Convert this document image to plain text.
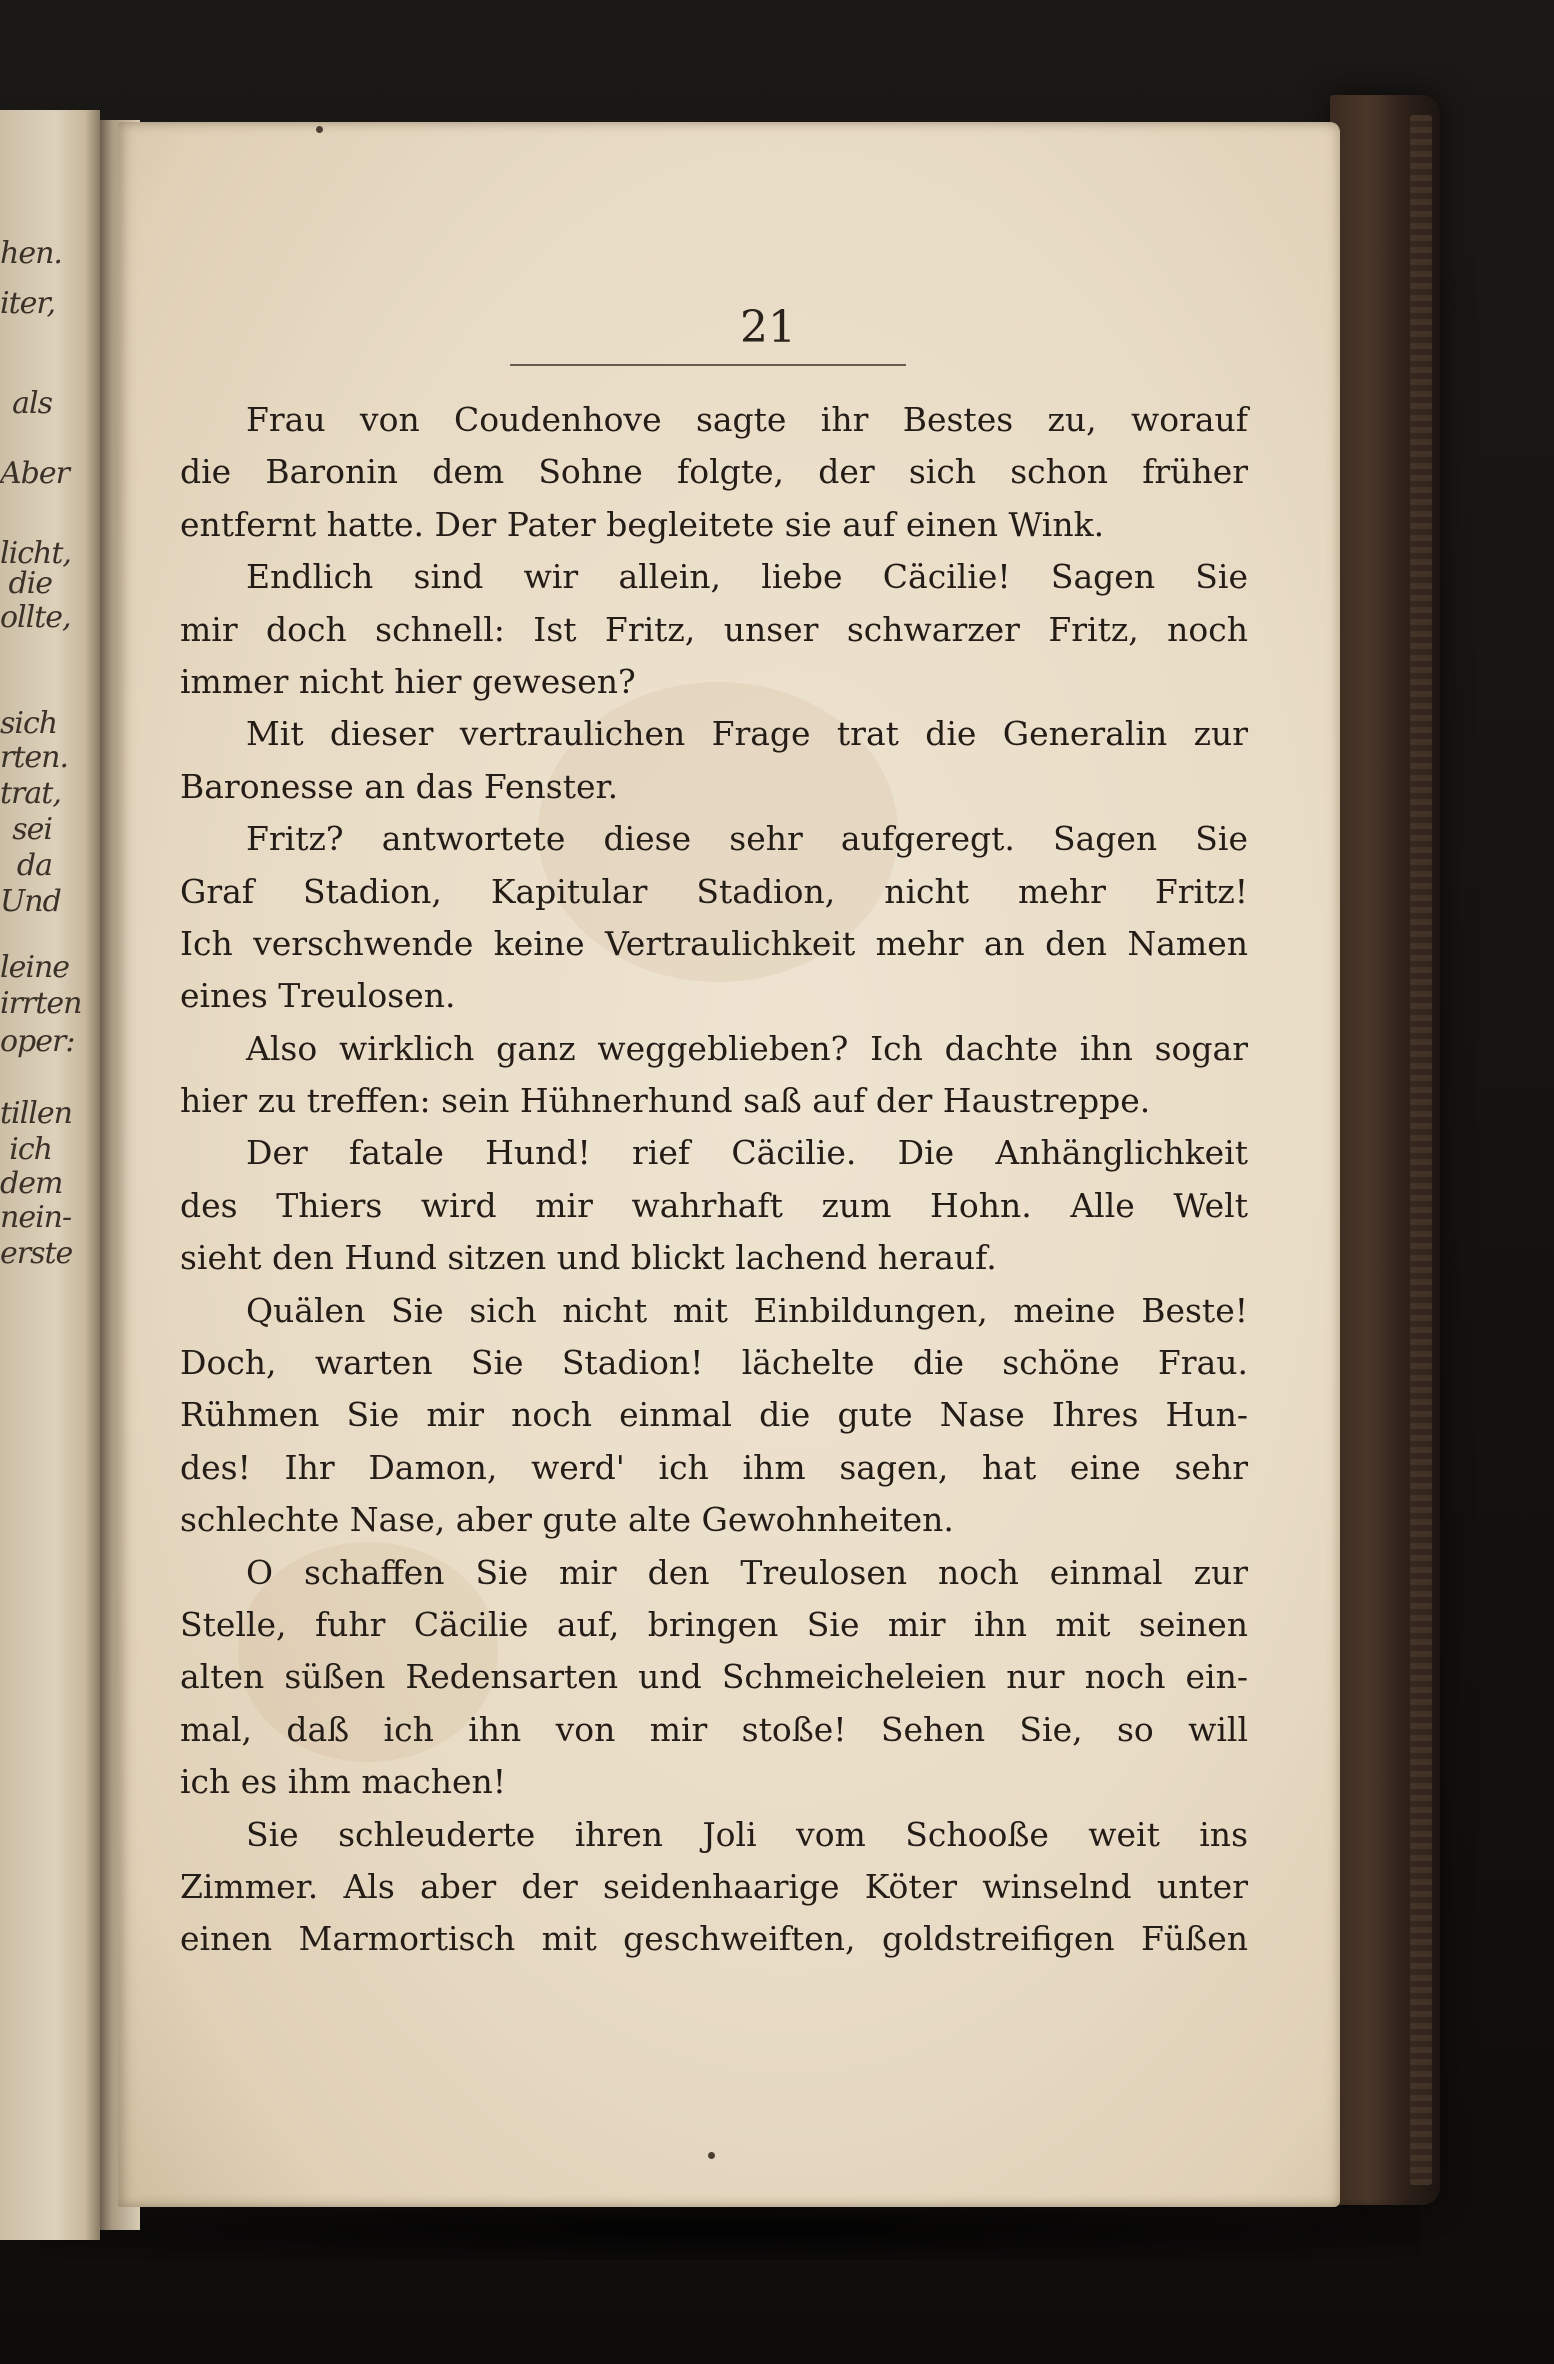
hen.
iter,
als
Aber
licht,
die
ollte,
sich
rten.
trat,
sei
da
Und
leine
irrten
oper:
tillen
ich
dem
nein-
erste
21
Frau von Coudenhove sagte ihr Bestes zu, worauf
die Baronin dem Sohne folgte, der sich schon früher
entfernt hatte. Der Pater begleitete sie auf einen Wink.
Endlich sind wir allein, liebe Cäcilie! Sagen Sie
mir doch schnell: Ist Fritz, unser schwarzer Fritz, noch
immer nicht hier gewesen?
Mit dieser vertraulichen Frage trat die Generalin zur
Baronesse an das Fenster.
Fritz? antwortete diese sehr aufgeregt. Sagen Sie
Graf Stadion, Kapitular Stadion, nicht mehr Fritz!
Ich verschwende keine Vertraulichkeit mehr an den Namen
eines Treulosen.
Also wirklich ganz weggeblieben? Ich dachte ihn sogar
hier zu treffen: sein Hühnerhund saß auf der Haustreppe.
Der fatale Hund! rief Cäcilie. Die Anhänglichkeit
des Thiers wird mir wahrhaft zum Hohn. Alle Welt
sieht den Hund sitzen und blickt lachend herauf.
Quälen Sie sich nicht mit Einbildungen, meine Beste!
Doch, warten Sie Stadion! lächelte die schöne Frau.
Rühmen Sie mir noch einmal die gute Nase Ihres Hun-
des! Ihr Damon, werd' ich ihm sagen, hat eine sehr
schlechte Nase, aber gute alte Gewohnheiten.
O schaffen Sie mir den Treulosen noch einmal zur
Stelle, fuhr Cäcilie auf, bringen Sie mir ihn mit seinen
alten süßen Redensarten und Schmeicheleien nur noch ein-
mal, daß ich ihn von mir stoße! Sehen Sie, so will
ich es ihm machen!
Sie schleuderte ihren Joli vom Schooße weit ins
Zimmer. Als aber der seidenhaarige Köter winselnd unter
einen Marmortisch mit geschweiften, goldstreifigen Füßen
